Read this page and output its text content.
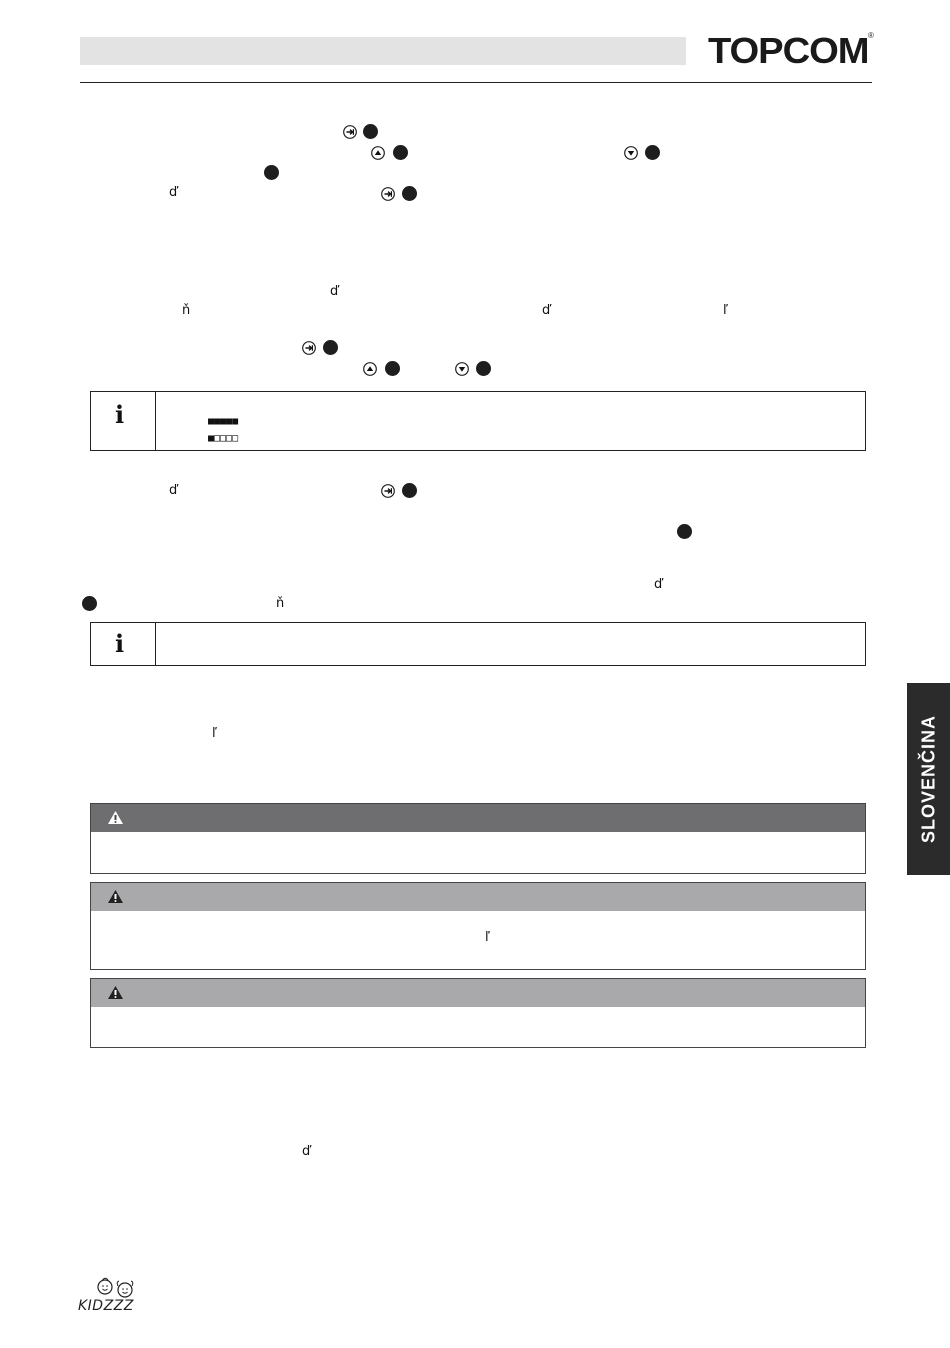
TOPCOM ®
ď
ď
ň	ď	ľ
i	■■■■■
■□□□□
ď
ď
ň
i
ľ
ľ
ď
SLOVENČINA
KIDZZZ
